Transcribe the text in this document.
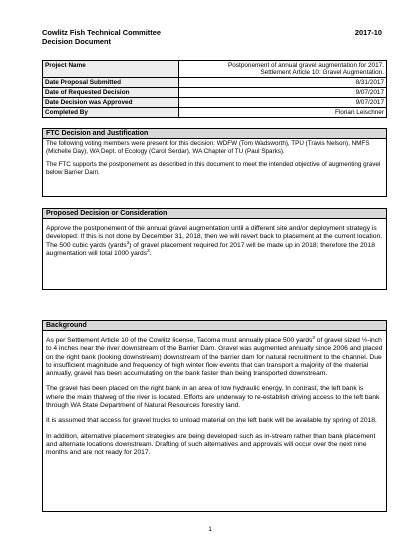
Cowlitz Fish Technical Committee
Decision Document
2017-10
Project Name	Postponement of annual gravel augmentation for 2017.
Settlement Article 10: Gravel Augmentation.

Date Proposal Submitted	8/31/2017
Date of Requested Decision	9/07/2017
Date Decision was Approved	9/07/2017
Completed By	Florian Leischner
FTC Decision and Justification

The following voting members were present for this decision: WDFW (Tom Wadsworth), TPU (Travis Nelson), NMFS (Michelle Day), WA Dept. of Ecology (Carol Serdar), WA Chapter of TU (Paul Sparks).

The FTC supports the postponement as described in this document to meet the intended objective of augmenting gravel below Barrier Dam.

Proposed Decision or Consideration

Approve the postponement of the annual gravel augmentation until a different site and/or deployment strategy is developed. If this is not done by December 31, 2018, then we will revert back to placement at the current location. The 500 cubic yards (yards$^3$) of gravel placement required for 2017 will be made up in 2018; therefore the 2018 augmentation will total 1000 yards$^3$.

Background

As per Settlement Article 10 of the Cowlitz license, Tacoma must annually place 500 yards$^3$ of gravel sized ½-inch to 4 inches near the river downstream of the Barrier Dam. Gravel was augmented annually since 2006 and placed on the right bank (looking downstream) downstream of the barrier dam for natural recruitment to the channel. Due to insufficient magnitude and frequency of high winter flow events that can transport a majority of the material annually, gravel has been accumulating on the bank faster than being transported downstream.

The gravel has been placed on the right bank in an area of low hydraulic energy. In contrast, the left bank is where the main thalweg of the river is located. Efforts are underway to re-establish driving access to the left bank through WA State Department of Natural Resources forestry land.

It is assumed that access for gravel trucks to unload material on the left bank will be available by spring of 2018.

In addition, alternative placement strategies are being developed such as in-stream rather than bank placement and alternate locations downstream. Drafting of such alternatives and approvals will occur over the next nine months and are not ready for 2017.

1
